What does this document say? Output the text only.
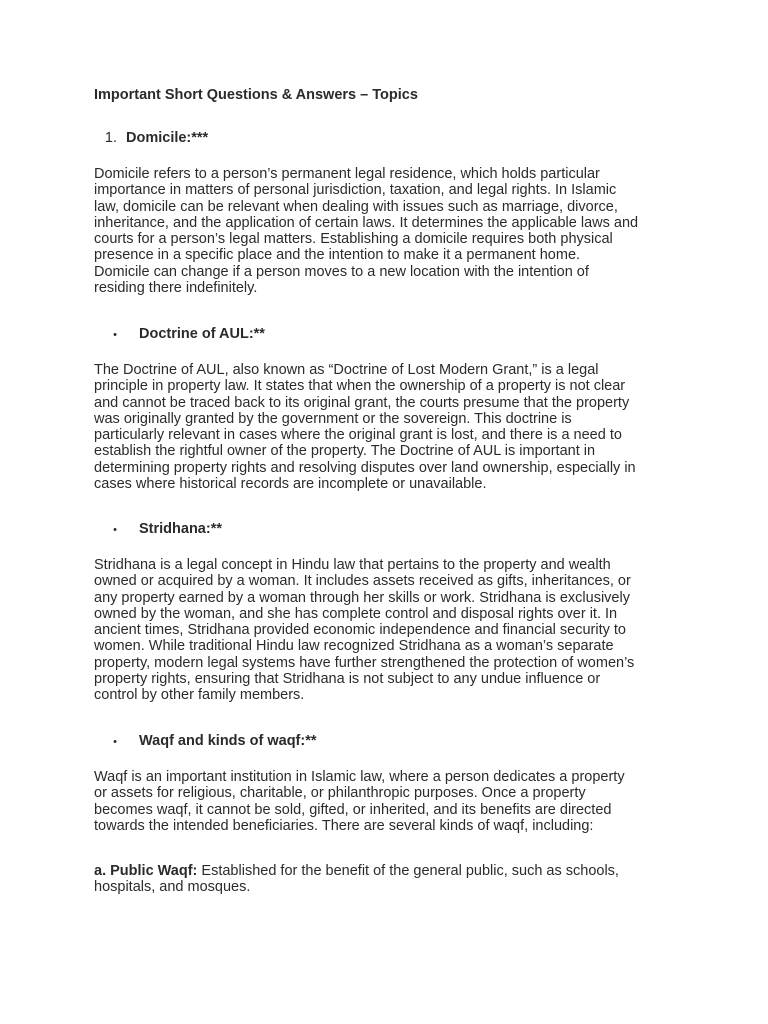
Important Short Questions & Answers – Topics
1. Domicile:***

Domicile refers to a person’s permanent legal residence, which holds particular
importance in matters of personal jurisdiction, taxation, and legal rights. In Islamic
law, domicile can be relevant when dealing with issues such as marriage, divorce,
inheritance, and the application of certain laws. It determines the applicable laws and
courts for a person’s legal matters. Establishing a domicile requires both physical
presence in a specific place and the intention to make it a permanent home.
Domicile can change if a person moves to a new location with the intention of
residing there indefinitely.

•	Doctrine of AUL:**

The Doctrine of AUL, also known as “Doctrine of Lost Modern Grant,” is a legal
principle in property law. It states that when the ownership of a property is not clear
and cannot be traced back to its original grant, the courts presume that the property
was originally granted by the government or the sovereign. This doctrine is
particularly relevant in cases where the original grant is lost, and there is a need to
establish the rightful owner of the property. The Doctrine of AUL is important in
determining property rights and resolving disputes over land ownership, especially in
cases where historical records are incomplete or unavailable.

•	Stridhana:**

Stridhana is a legal concept in Hindu law that pertains to the property and wealth
owned or acquired by a woman. It includes assets received as gifts, inheritances, or
any property earned by a woman through her skills or work. Stridhana is exclusively
owned by the woman, and she has complete control and disposal rights over it. In
ancient times, Stridhana provided economic independence and financial security to
women. While traditional Hindu law recognized Stridhana as a woman’s separate
property, modern legal systems have further strengthened the protection of women’s
property rights, ensuring that Stridhana is not subject to any undue influence or
control by other family members.

•	Waqf and kinds of waqf:**

Waqf is an important institution in Islamic law, where a person dedicates a property
or assets for religious, charitable, or philanthropic purposes. Once a property
becomes waqf, it cannot be sold, gifted, or inherited, and its benefits are directed
towards the intended beneficiaries. There are several kinds of waqf, including:

a. Public Waqf: Established for the benefit of the general public, such as schools,
hospitals, and mosques.
